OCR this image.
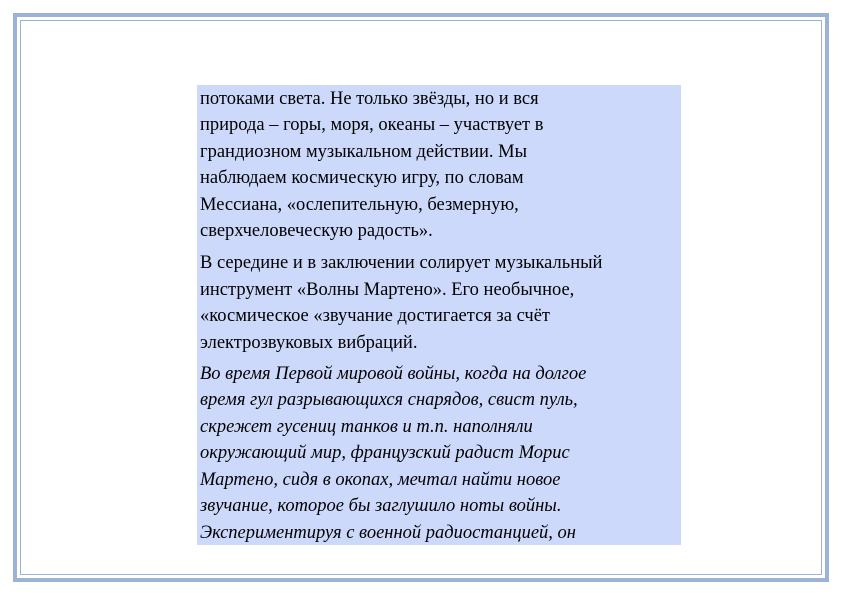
потоками света. Не только звёзды, но и вся
природа – горы, моря, океаны – участвует в
грандиозном музыкальном действии. Мы
наблюдаем космическую игру, по словам
Мессиана, «ослепительную, безмерную,
сверхчеловеческую радость».

В середине и в заключении солирует музыкальный
инструмент «Волны Мартено». Его необычное,
«космическое «звучание достигается за счёт
электрозвуковых вибраций.

Во время Первой мировой войны, когда на долгое
время гул разрывающихся снарядов, свист пуль,
скрежет гусениц танков и т.п. наполняли
окружающий мир, французский радист Морис
Мартено, сидя в окопах, мечтал найти новое
звучание, которое бы заглушило ноты войны.
Экспериментируя с военной радиостанцией, он
